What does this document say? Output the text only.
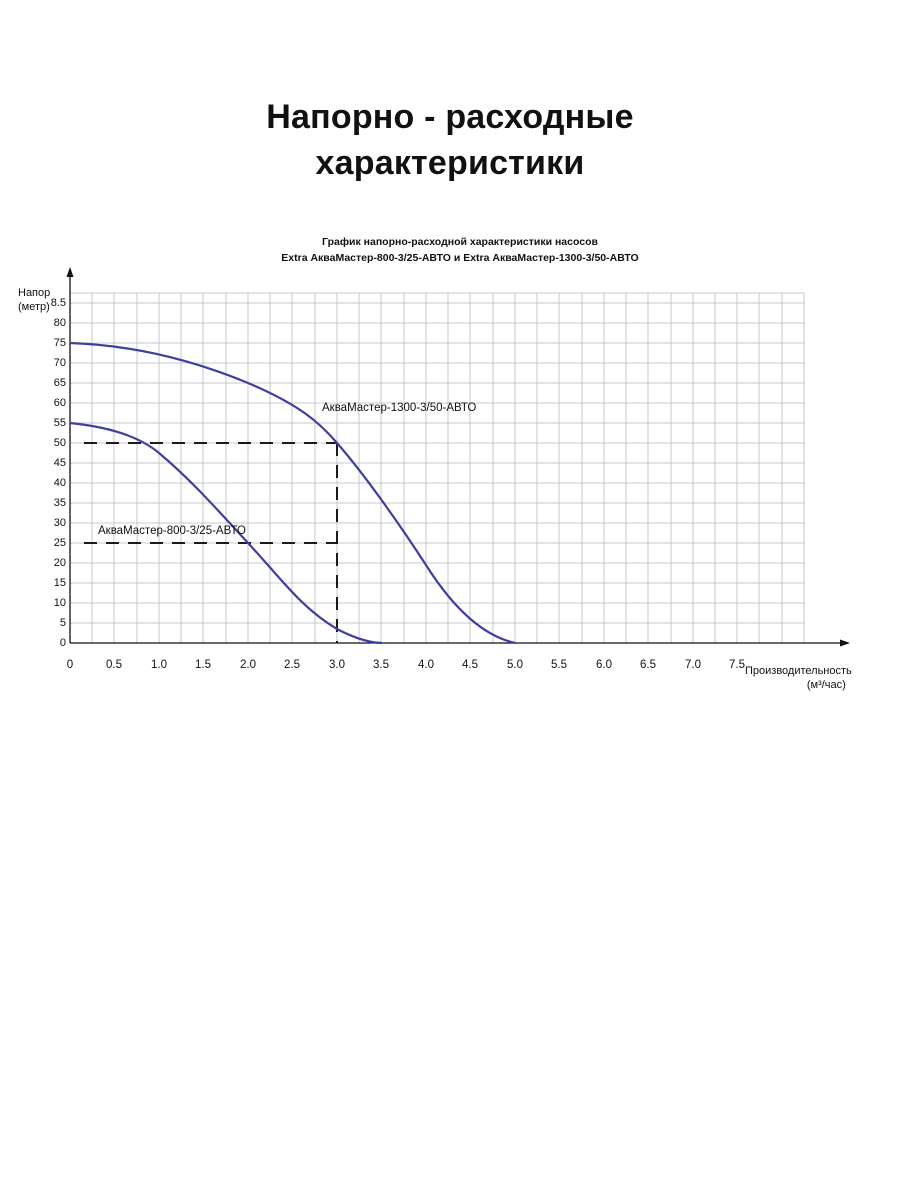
Напорно - расходные
характеристики
График напорно-расходной характеристики насосов
Extra АкваМастер-800-3/25-АВТО и Extra АкваМастер-1300-3/50-АВТО
Напор
(метр)
Производительность
(м³/час)
8.5
80
75
70
65
60
55
50
45
40
35
30
25
20
15
10
5
0
0	0.5	1.0 1.5	2.0 2.5	3.0 3.5	4.0 4.5	5.0 5.5	6.0 6.5	7.0 7.5
АкваМастер-1300-3/50-АВТО
АкваМастер-800-3/25-АВТО
